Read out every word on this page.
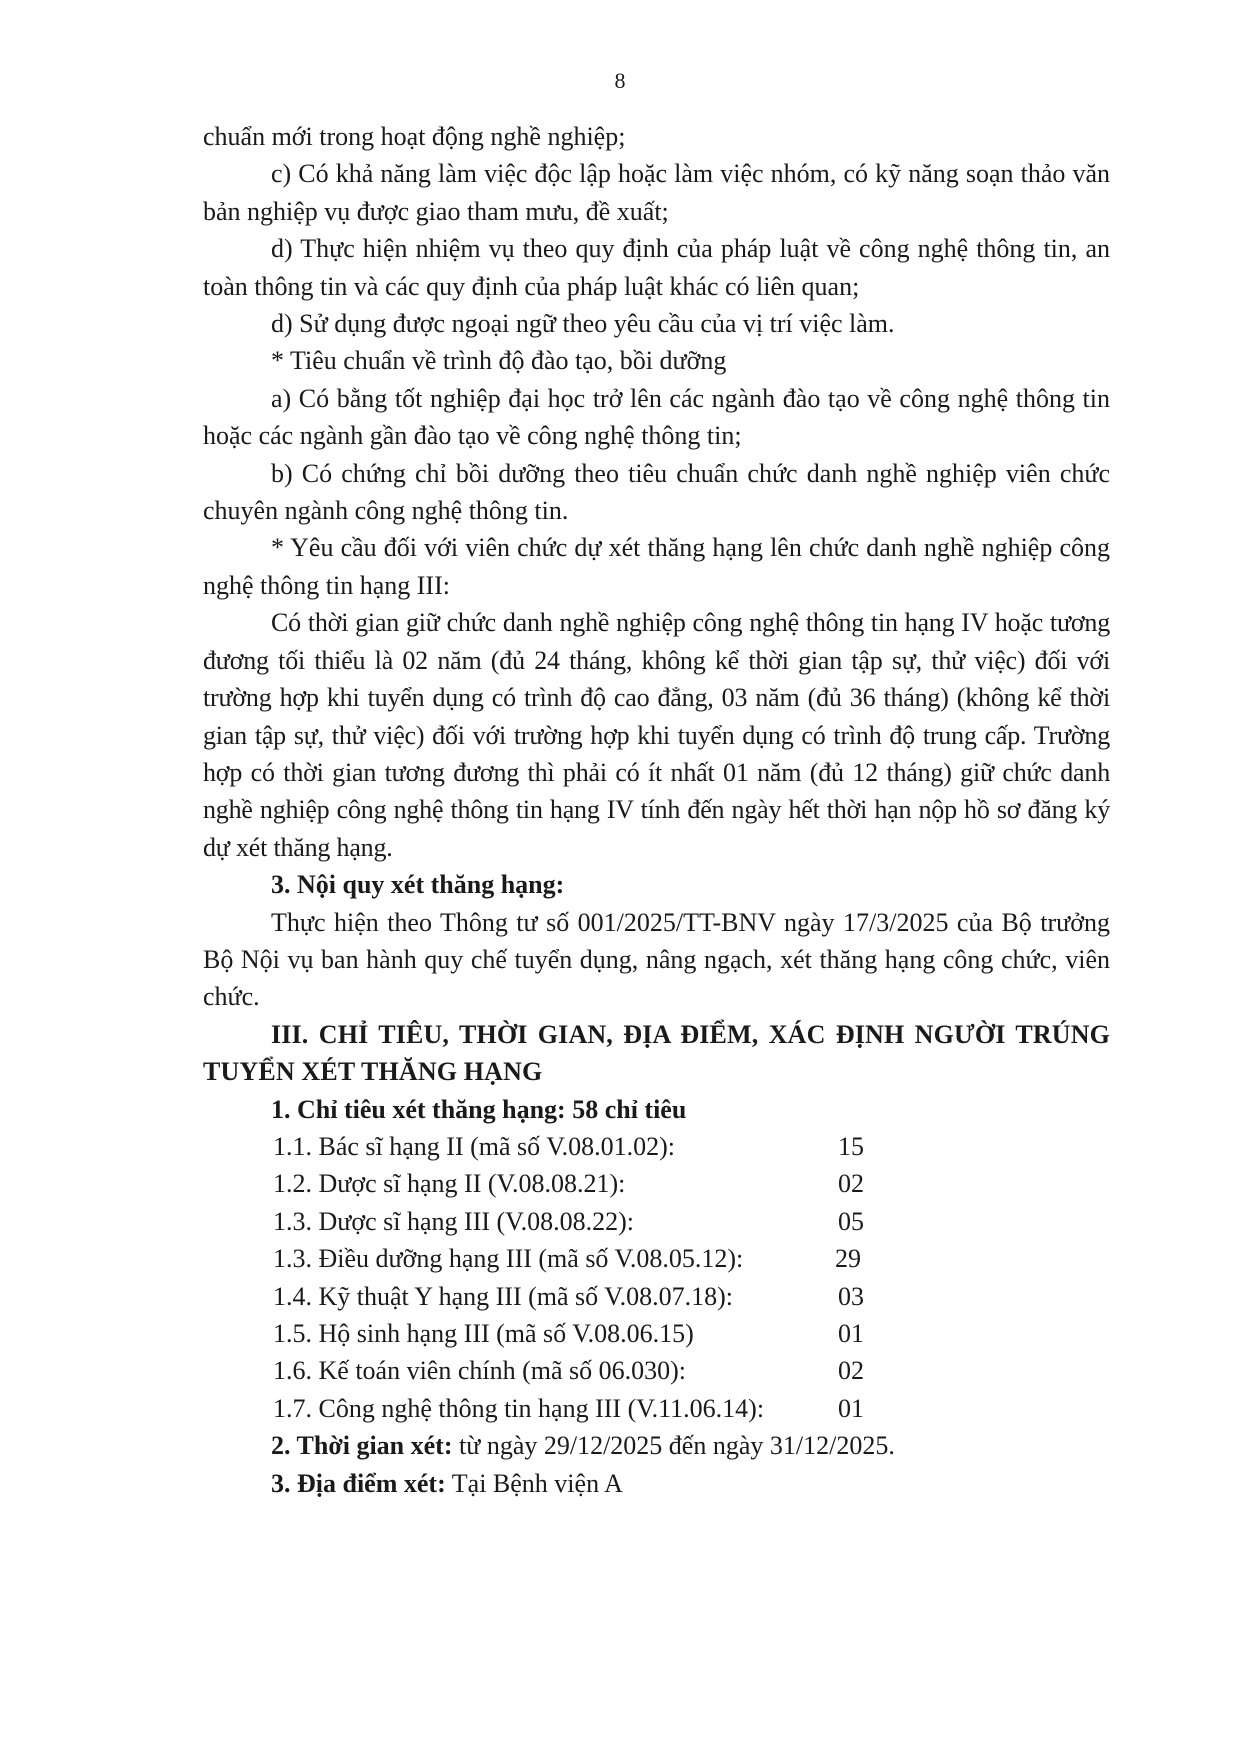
8

chuẩn mới trong hoạt động nghề nghiệp;

c) Có khả năng làm việc độc lập hoặc làm việc nhóm, có kỹ năng soạn thảo văn bản nghiệp vụ được giao tham mưu, đề xuất;

d) Thực hiện nhiệm vụ theo quy định của pháp luật về công nghệ thông tin, an toàn thông tin và các quy định của pháp luật khác có liên quan;

d) Sử dụng được ngoại ngữ theo yêu cầu của vị trí việc làm.

* Tiêu chuẩn về trình độ đào tạo, bồi dưỡng

a) Có bằng tốt nghiệp đại học trở lên các ngành đào tạo về công nghệ thông tin hoặc các ngành gần đào tạo về công nghệ thông tin;

b) Có chứng chỉ bồi dưỡng theo tiêu chuẩn chức danh nghề nghiệp viên chức chuyên ngành công nghệ thông tin.

* Yêu cầu đối với viên chức dự xét thăng hạng lên chức danh nghề nghiệp công nghệ thông tin hạng III:

Có thời gian giữ chức danh nghề nghiệp công nghệ thông tin hạng IV hoặc tương đương tối thiểu là 02 năm (đủ 24 tháng, không kể thời gian tập sự, thử việc) đối với trường hợp khi tuyển dụng có trình độ cao đẳng, 03 năm (đủ 36 tháng) (không kể thời gian tập sự, thử việc) đối với trường hợp khi tuyển dụng có trình độ trung cấp. Trường hợp có thời gian tương đương thì phải có ít nhất 01 năm (đủ 12 tháng) giữ chức danh nghề nghiệp công nghệ thông tin hạng IV tính đến ngày hết thời hạn nộp hồ sơ đăng ký dự xét thăng hạng.

3. Nội quy xét thăng hạng:

Thực hiện theo Thông tư số 001/2025/TT-BNV ngày 17/3/2025 của Bộ trưởng Bộ Nội vụ ban hành quy chế tuyển dụng, nâng ngạch, xét thăng hạng công chức, viên chức.

III. CHỈ TIÊU, THỜI GIAN, ĐỊA ĐIỂM, XÁC ĐỊNH NGƯỜI TRÚNG TUYỂN XÉT THĂNG HẠNG

1. Chỉ tiêu xét thăng hạng: 58 chỉ tiêu

1.1. Bác sĩ hạng II (mã số V.08.01.02):	15
1.2. Dược sĩ hạng II (V.08.08.21):	02
1.3. Dược sĩ hạng III (V.08.08.22):	05
1.3. Điều dưỡng hạng III (mã số V.08.05.12):	29
1.4. Kỹ thuật Y hạng III (mã số V.08.07.18):	03
1.5. Hộ sinh hạng III (mã số V.08.06.15)	01
1.6. Kế toán viên chính (mã số 06.030):	02
1.7. Công nghệ thông tin hạng III (V.11.06.14):	01

2. Thời gian xét: từ ngày 29/12/2025 đến ngày 31/12/2025.

3. Địa điểm xét: Tại Bệnh viện A
